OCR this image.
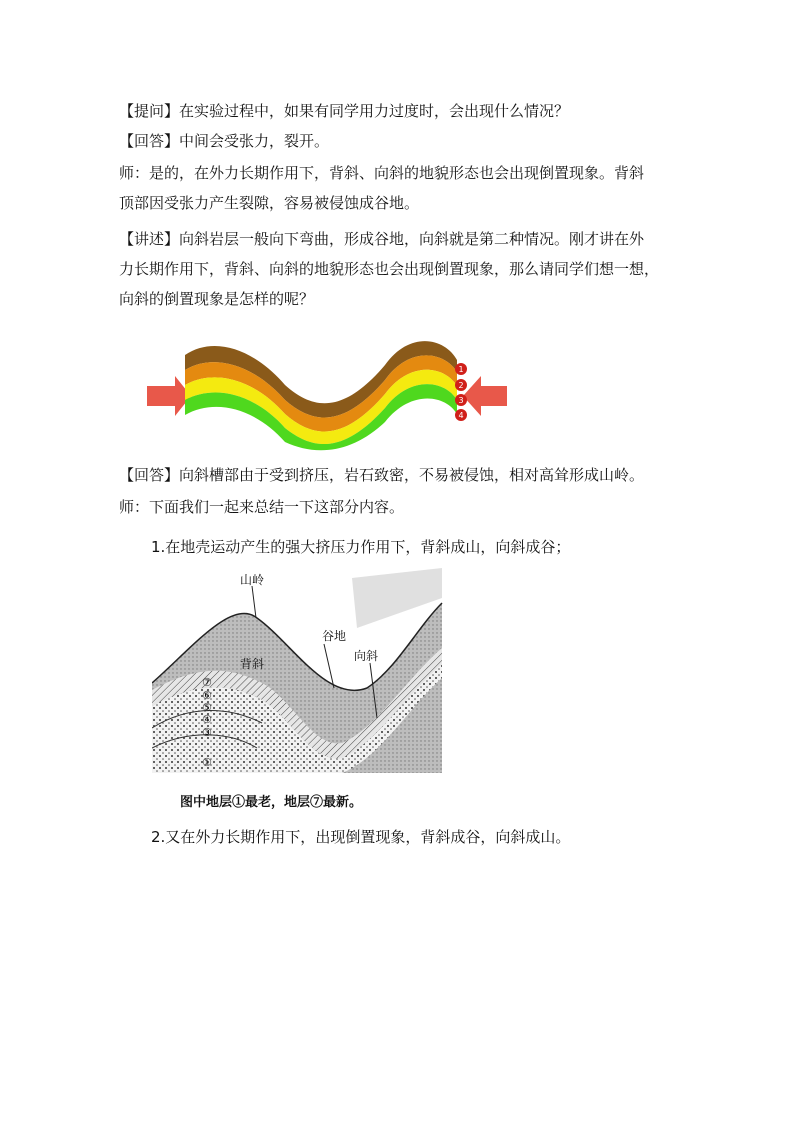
【提问】在实验过程中，如果有同学用力过度时，会出现什么情况？

【回答】中间会受张力，裂开。

师：是的，在外力长期作用下，背斜、向斜的地貌形态也会出现倒置现象。背斜
顶部因受张力产生裂隙，容易被侵蚀成谷地。

【讲述】向斜岩层一般向下弯曲，形成谷地，向斜就是第二种情况。刚才讲在外
力长期作用下，背斜、向斜的地貌形态也会出现倒置现象，那么请同学们想一想，
向斜的倒置现象是怎样的呢？

1
2
3
4

【回答】向斜槽部由于受到挤压，岩石致密，不易被侵蚀，相对高耸形成山岭。

师：下面我们一起来总结一下这部分内容。

1.在地壳运动产生的强大挤压力作用下，背斜成山，向斜成谷；

山岭
谷地
向斜
背斜
⑦
⑥
⑤
④
③
①
图中地层①最老，地层⑦最新。

2.又在外力长期作用下，出现倒置现象，背斜成谷，向斜成山。
